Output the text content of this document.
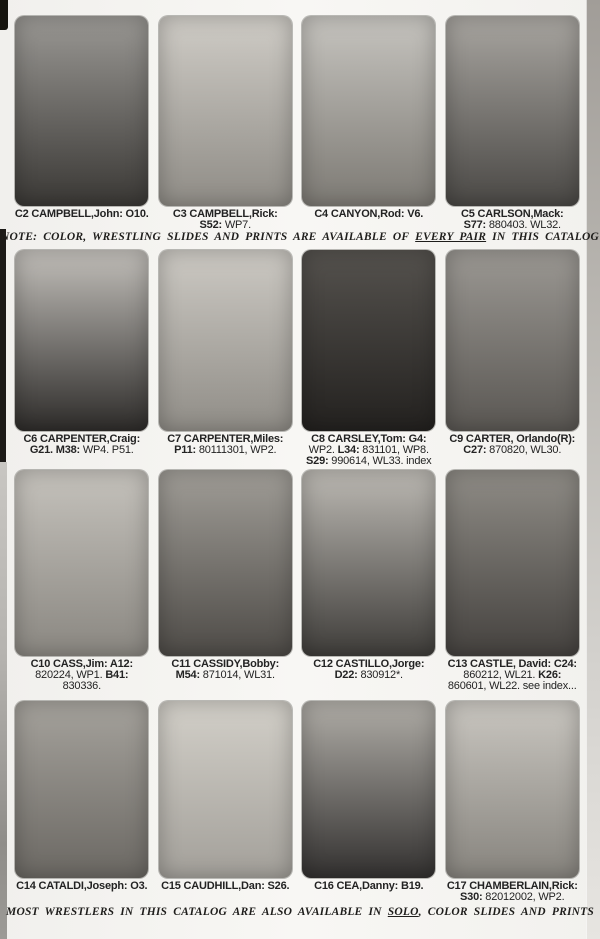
C2 CAMPBELL,John: O10. C3 CAMPBELL,Rick:
S52: WP7.
C4 CANYON,Rod: V6.	C5 CARLSON,Mack:
S77: 880403. WL32.
NOTE: COLOR, WRESTLING SLIDES AND PRINTS ARE AVAILABLE OF EVERY PAIR IN THIS CATALOG
C6 CARPENTER,Craig:
G21. M38: WP4. P51.
C7 CARPENTER,Miles:
P11: 80111301, WP2.
C8 CARSLEY,Tom: G4:
WP2. L34: 831101, WP8.
S29: 990614, WL33. index
C9 CARTER, Orlando(R):
C27: 870820, WL30.
C10 CASS,Jim: A12:
820224, WP1. B41:
830336.
C11 CASSIDY,Bobby:
M54: 871014, WL31.
C12 CASTILLO,Jorge:
D22: 830912*.
C13 CASTLE, David: C24:
860212, WL21. K26:
860601, WL22. see index...
C14 CATALDI,Joseph: O3. C15 CAUDHILL,Dan: S26. C16 CEA,Danny: B19. C17 CHAMBERLAIN,Rick:
S30: 82012002, WP2.
MOST WRESTLERS IN THIS CATALOG ARE ALSO AVAILABLE IN SOLO, COLOR SLIDES AND PRINTS
